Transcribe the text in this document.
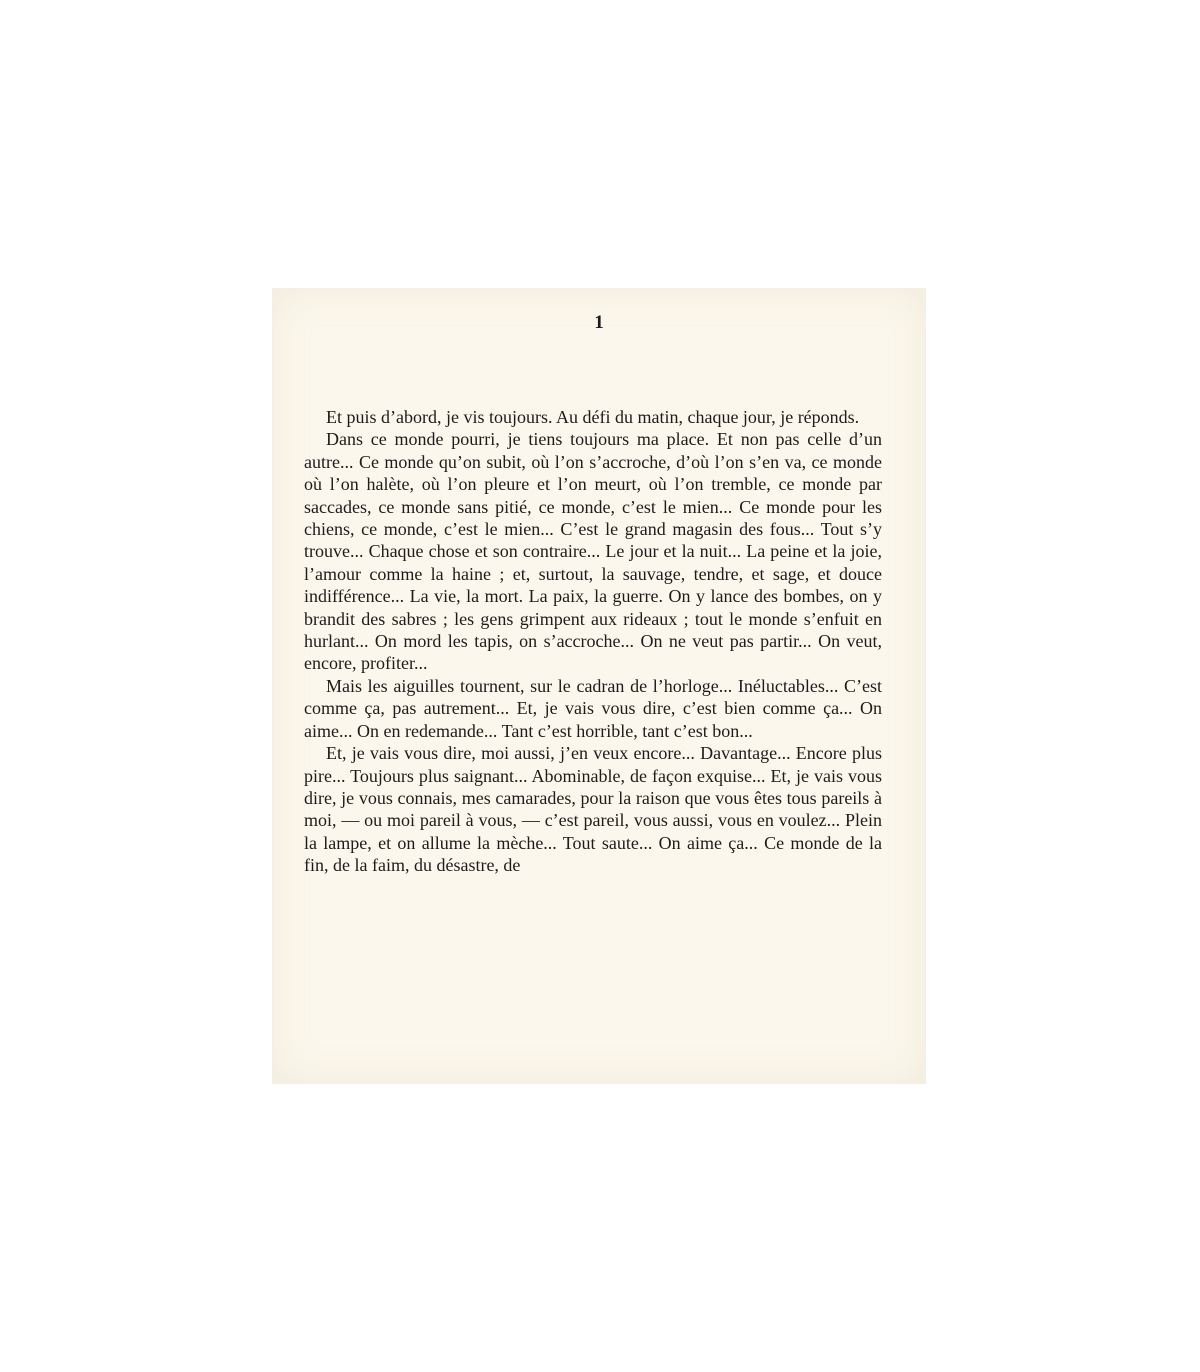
1

Et puis d’abord, je vis toujours. Au défi du matin, chaque jour, je réponds.

Dans ce monde pourri, je tiens toujours ma place. Et non pas celle d’un autre... Ce monde qu’on subit, où l’on s’accroche, d’où l’on s’en va, ce monde où l’on halète, où l’on pleure et l’on meurt, où l’on tremble, ce monde par saccades, ce monde sans pitié, ce monde, c’est le mien... Ce monde pour les chiens, ce monde, c’est le mien... C’est le grand magasin des fous... Tout s’y trouve... Chaque chose et son contraire... Le jour et la nuit... La peine et la joie, l’amour comme la haine ; et, surtout, la sauvage, tendre, et sage, et douce indifférence... La vie, la mort. La paix, la guerre. On y lance des bombes, on y brandit des sabres ; les gens grimpent aux rideaux ; tout le monde s’enfuit en hurlant... On mord les tapis, on s’accroche... On ne veut pas partir... On veut, encore, profiter...

Mais les aiguilles tournent, sur le cadran de l’horloge... Inéluctables... C’est comme ça, pas autrement... Et, je vais vous dire, c’est bien comme ça... On aime... On en redemande... Tant c’est horrible, tant c’est bon...

Et, je vais vous dire, moi aussi, j’en veux encore... Davantage... Encore plus pire... Toujours plus saignant... Abominable, de façon exquise... Et, je vais vous dire, je vous connais, mes camarades, pour la raison que vous êtes tous pareils à moi, — ou moi pareil à vous, — c’est pareil, vous aussi, vous en voulez... Plein la lampe, et on allume la mèche... Tout saute... On aime ça... Ce monde de la fin, de la faim, du désastre, de
